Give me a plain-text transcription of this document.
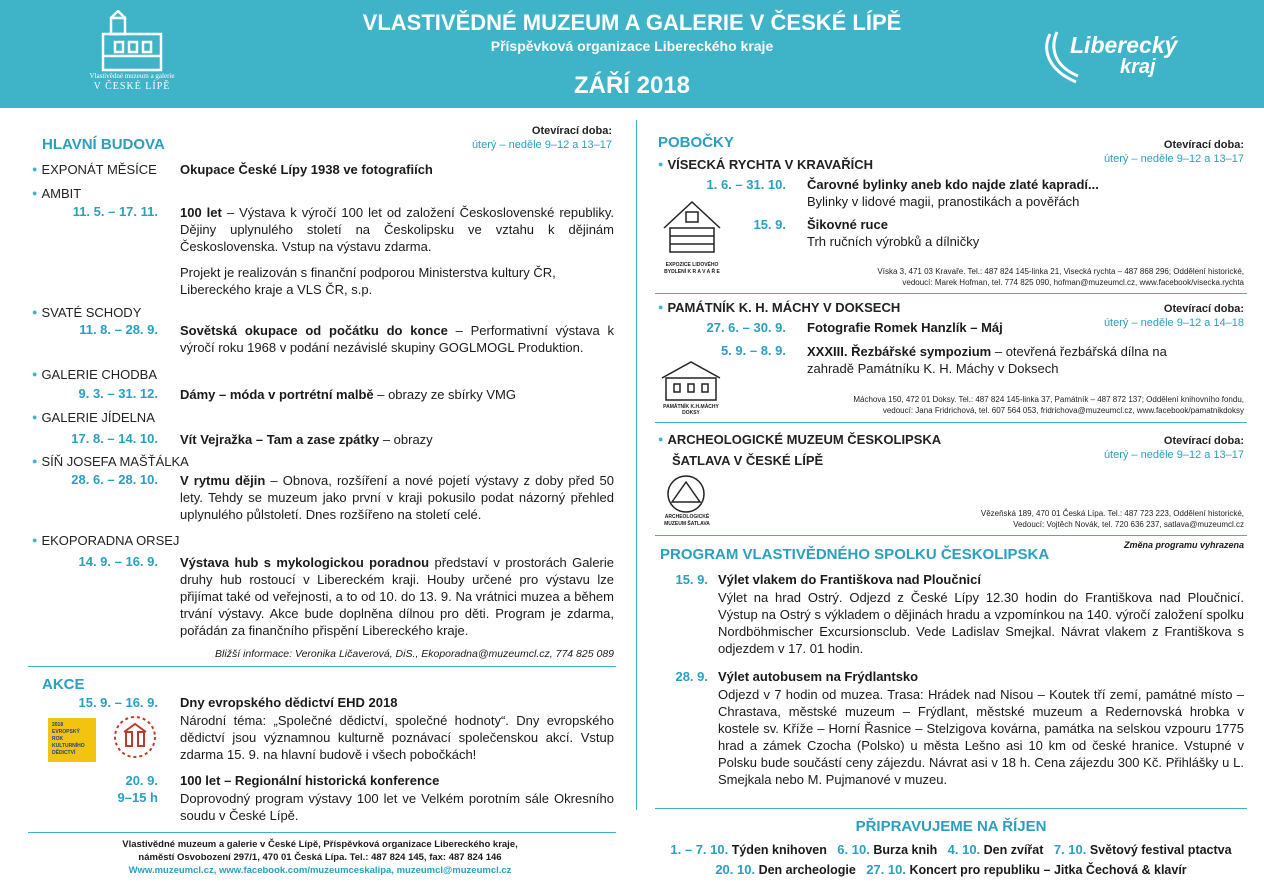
Vlastivědné muzeum a galerie
V ČESKÉ LÍPĚ
VLASTIVĚDNÉ MUZEUM A GALERIE V ČESKÉ LÍPĚ
Příspěvková organizace Libereckého kraje
ZÁŘÍ 2018
Liberecký
kraj
HLAVNÍ BUDOVA
Otevírací doba:
úterý – neděle 9–12 a 13–17
● EXPONÁT MĚSÍCE Okupace České Lípy 1938 ve fotografiích
● AMBIT
11. 5. – 17. 11. 100 let – Výstava k výročí 100 let od založení Československé republiky. Dějiny uplynulého století na Českolipsku ve vztahu k dějinám Československa. Vstup na výstavu zdarma.
Projekt je realizován s finanční podporou Ministerstva kultury ČR, Libereckého kraje a VLS ČR, s.p.
● SVATÉ SCHODY
11. 8. – 28. 9. Sovětská okupace od počátku do konce – Performativní výstava k výročí roku 1968 v podání nezávislé skupiny GOGLMOGL Produktion.
● GALERIE CHODBA
9. 3. – 31. 12. Dámy – móda v portrétní malbě – obrazy ze sbírky VMG
● GALERIE JÍDELNA
17. 8. – 14. 10. Vít Vejražka – Tam a zase zpátky – obrazy
● SÍŇ JOSEFA MAŠŤÁLKA
28. 6. – 28. 10. V rytmu dějin – Obnova, rozšíření a nové pojetí výstavy z doby před 50 lety. Tehdy se muzeum jako první v kraji pokusilo podat názorný přehled uplynulého půlstoletí. Dnes rozšířeno na století celé.
● EKOPORADNA ORSEJ
14. 9. – 16. 9. Výstava hub s mykologickou poradnou představí v prostorách Galerie druhy hub rostoucí v Libereckém kraji. Houby určené pro výstavu lze přijímat také od veřejnosti, a to od 10. do 13. 9. Na vrátnici muzea a během trvání výstavy. Akce bude doplněna dílnou pro děti. Program je zdarma, pořádán za finančního přispění Libereckého kraje.
Bližší informace: Veronika Ličaverová, DiS., Ekoporadna@muzeumcl.cz, 774 825 089
AKCE
15. 9. – 16. 9. Dny evropského dědictví EHD 2018
2018 EVROPSKÝ ROK KULTURNÍHO DĚDICTVÍ
Národní téma: „Společné dědictví, společné hodnoty“. Dny evropského dědictví jsou významnou kulturně poznávací společenskou akcí. Vstup zdarma 15. 9. na hlavní budově i všech pobočkách!
20. 9.
9–15 h
100 let – Regionální historická konference
Doprovodný program výstavy 100 let ve Velkém porotním sále Okresního soudu v České Lípě.
Vlastivědné muzeum a galerie v České Lípě, Příspěvková organizace Libereckého kraje,
náměstí Osvobození 297/1, 470 01 Česká Lípa. Tel.: 487 824 145, fax: 487 824 146
Www.muzeumcl.cz, www.facebook.com/muzeumceskalipa, muzeumcl@muzeumcl.cz
POBOČKY
● VÍSECKÁ RYCHTA V KRAVAŘÍCH
Otevírací doba:
úterý – neděle 9–12 a 13–17
1. 6. – 31. 10. Čarovné bylinky aneb kdo najde zlaté kapradí...
Bylinky v lidové magii, pranostikách a pověřách
15. 9. Šikovné ruce
Trh ručních výrobků a dílničky
EXPOZICE LIDOVÉHO BYDLENÍ K R A V A Ř E	Víska 3, 471 03 Kravaře. Tel.: 487 824 145-linka 21, Visecká rychta – 487 868 296; Oddělení historické,
vedoucí: Marek Hofman, tel. 774 825 090, hofman@muzeumcl.cz, www.facebook/visecka.rychta
● PAMÁTNÍK K. H. MÁCHY V DOKSECH	Otevírací doba:
úterý – neděle 9–12 a 14–18
27. 6. – 30. 9. Fotografie Romek Hanzlík – Máj
5. 9. – 8. 9. XXXIII. Řezbářské sympozium – otevřená řezbářská dílna na zahradě Památníku K. H. Máchy v Doksech
PAMÁTNÍK K.H.MÁCHY DOKSY
Máchova 150, 472 01 Doksy. Tel.: 487 824 145-linka 37, Památník – 487 872 137; Oddělení knihovního fondu,
vedoucí: Jana Fridrichová, tel. 607 564 053, fridrichova@muzeumcl.cz, www.facebook/pamatnikdoksy
● ARCHEOLOGICKÉ MUZEUM ČESKOLIPSKA
ŠATLAVA V ČESKÉ LÍPĚ
Otevírací doba:
úterý – neděle 9–12 a 13–17
ARCHEOLOGICKÉ MUZEUM ŠATLAVA
Vězeňská 189, 470 01 Česká Lípa. Tel.: 487 723 223, Oddělení historické,
Vedoucí: Vojtěch Novák, tel. 720 636 237, satlava@muzeumcl.cz
PROGRAM VLASTIVĚDNÉHO SPOLKU ČESKOLIPSKA
Změna programu vyhrazena
15. 9. Výlet vlakem do Františkova nad Ploučnicí
Výlet na hrad Ostrý. Odjezd z České Lípy 12.30 hodin do Františkova nad Ploučnicí. Výstup na Ostrý s výkladem o dějinách hradu a vzpomínkou na 140. výročí založení spolku Nordböhmischer Excursionsclub. Vede Ladislav Smejkal. Návrat vlakem z Františkova s odjezdem v 17. 01 hodin.
28. 9. Výlet autobusem na Frýdlantsko
Odjezd v 7 hodin od muzea. Trasa: Hrádek nad Nisou – Koutek tří zemí, památné místo – Chrastava, městské muzeum – Frýdlant, městské muzeum a Redernovská hrobka v kostele sv. Kříže – Horní Řasnice – Stelzigova kovárna, památka na selskou vzpouru 1775 hrad a zámek Czocha (Polsko) u města Lešno asi 10 km od české hranice. Vstupné v Polsku bude součástí ceny zájezdu. Návrat asi v 18 h. Cena zájezdu 300 Kč. Přihlášky u L. Smejkala nebo M. Pujmanové v muzeu.
PŘIPRAVUJEME NA ŘÍJEN
1. – 7. 10. Týden knihoven 6. 10. Burza knih 4. 10. Den zvířat 7. 10. Světový festival ptactva
20. 10. Den archeologie 27. 10. Koncert pro republiku – Jitka Čechová & klavír
